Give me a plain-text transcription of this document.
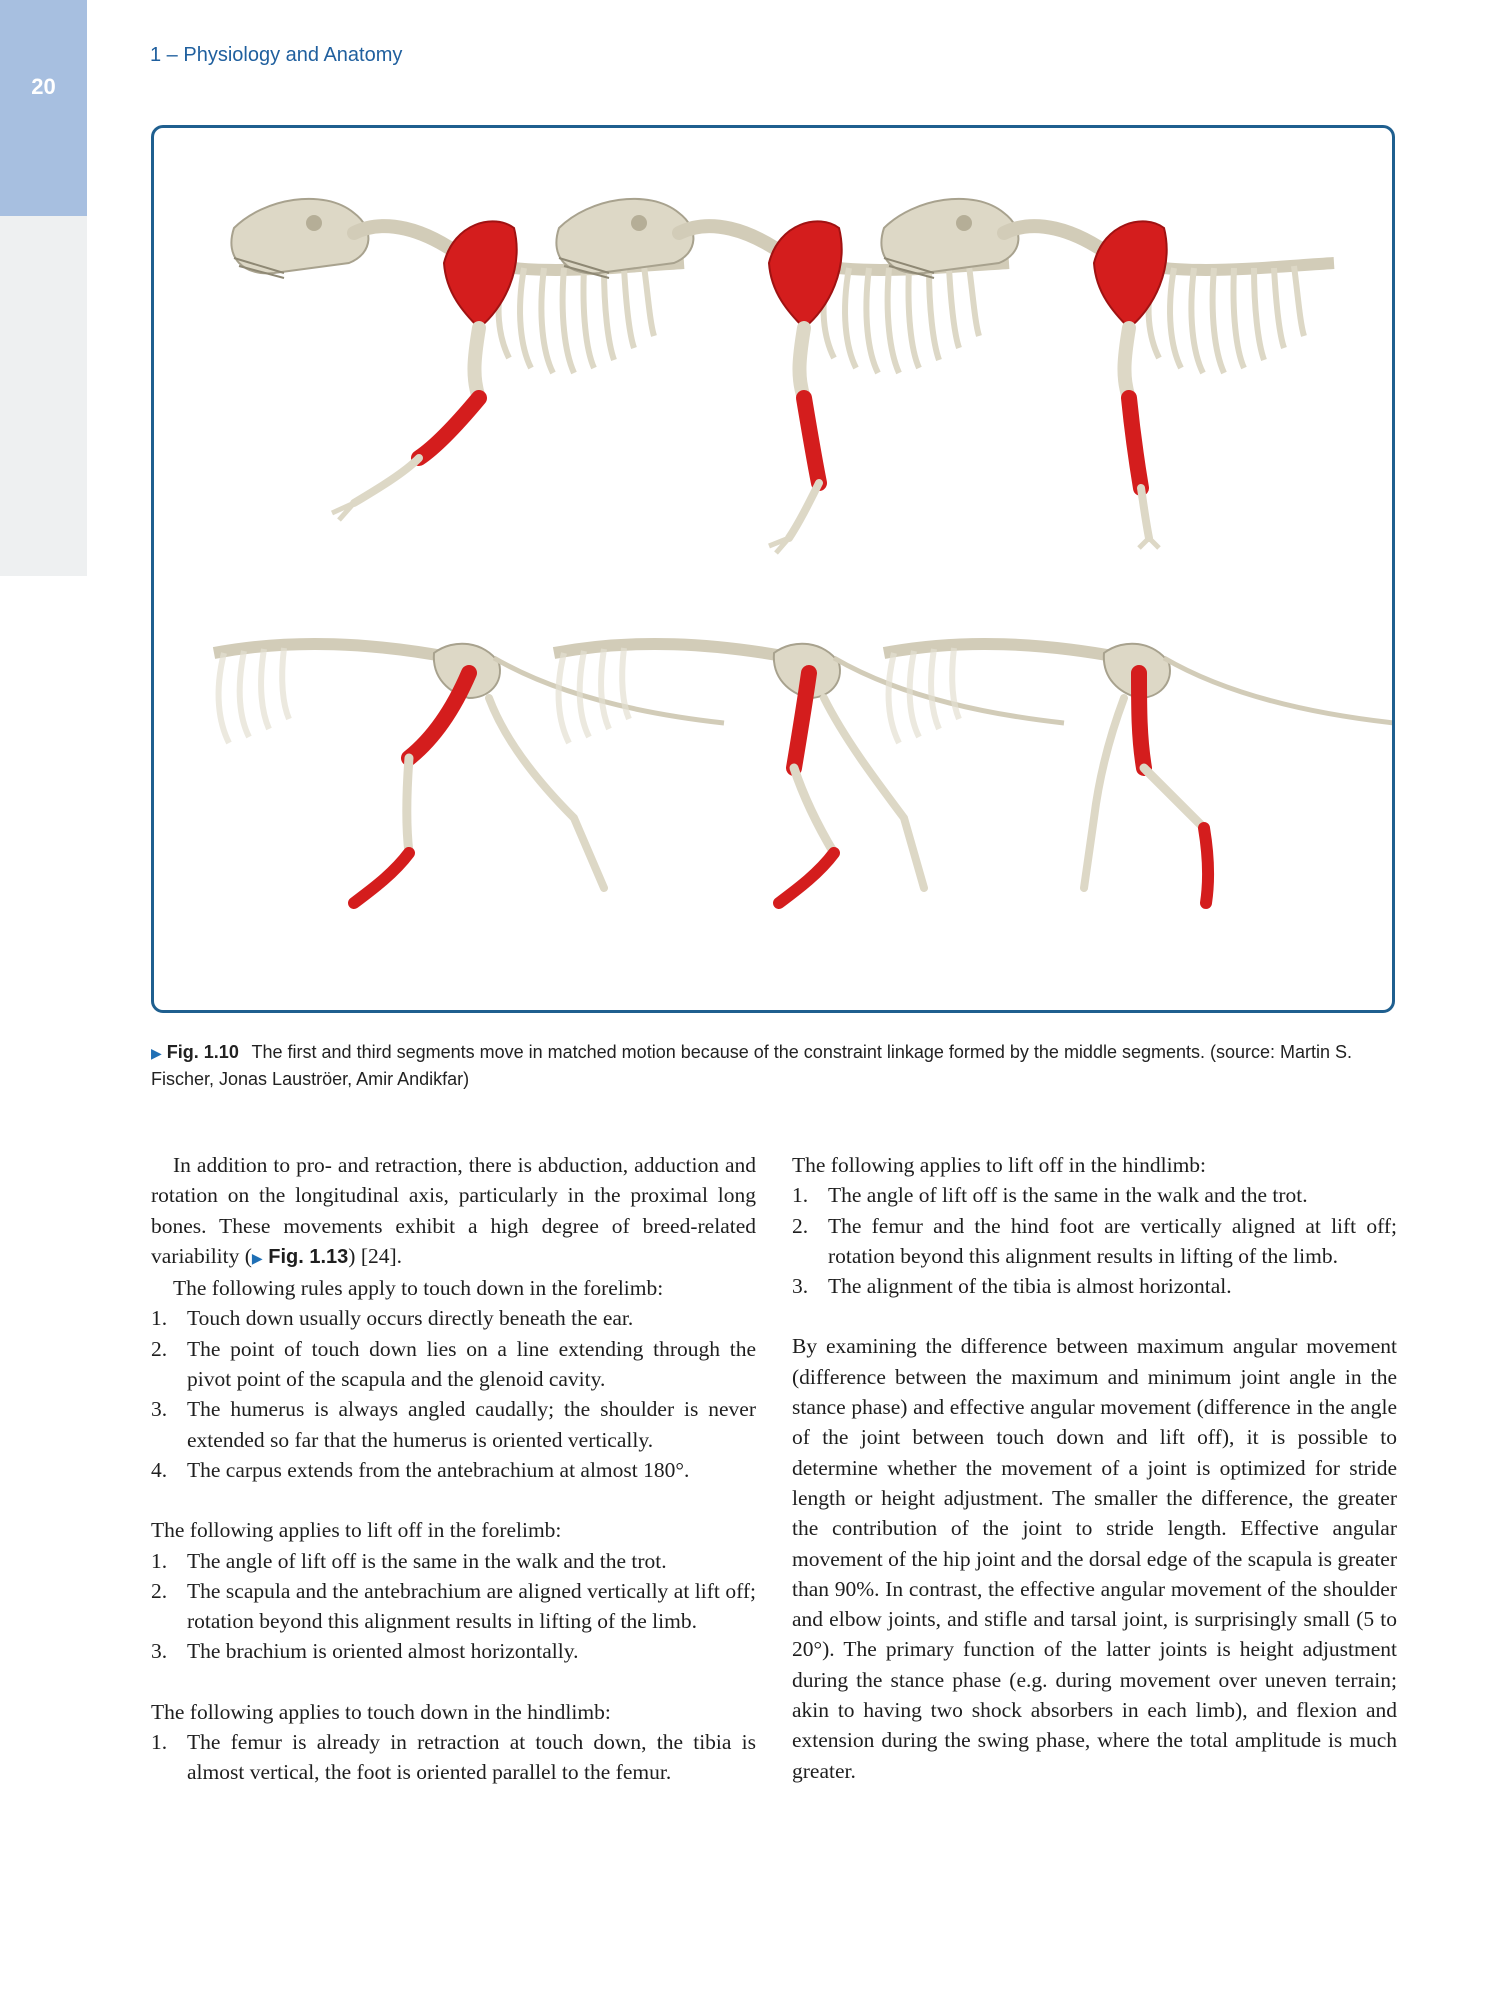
20
1 – Physiology and Anatomy
▶ Fig. 1.10 The first and third segments move in matched motion because of the constraint linkage formed by the middle segments. (source: Martin S. Fischer, Jonas Lauströer, Amir Andikfar)

In addition to pro- and retraction, there is abduction, adduction and rotation on the longitudinal axis, particularly in the proximal long bones. These movements exhibit a high degree of breed-related variability (▶ Fig. 1.13) [24].

The following rules apply to touch down in the forelimb:

1. Touch down usually occurs directly beneath the ear.
2. The point of touch down lies on a line extending through the pivot point of the scapula and the glenoid cavity.
3. The humerus is always angled caudally; the shoulder is never extended so far that the humerus is oriented vertically.
4. The carpus extends from the antebrachium at almost 180°.

The following applies to lift off in the forelimb:

1. The angle of lift off is the same in the walk and the trot.
2. The scapula and the antebrachium are aligned vertically at lift off; rotation beyond this alignment results in lifting of the limb.
3. The brachium is oriented almost horizontally.

The following applies to touch down in the hindlimb:

1. The femur is already in retraction at touch down, the tibia is almost vertical, the foot is oriented parallel to the femur.

The following applies to lift off in the hindlimb:

1. The angle of lift off is the same in the walk and the trot.
2. The femur and the hind foot are vertically aligned at lift off; rotation beyond this alignment results in lifting of the limb.
3. The alignment of the tibia is almost horizontal.

By examining the difference between maximum angular movement (difference between the maximum and minimum joint angle in the stance phase) and effective angular movement (difference in the angle of the joint between touch down and lift off), it is possible to determine whether the movement of a joint is optimized for stride length or height adjustment. The smaller the difference, the greater the contribution of the joint to stride length. Effective angular movement of the hip joint and the dorsal edge of the scapula is greater than 90%. In contrast, the effective angular movement of the shoulder and elbow joints, and stifle and tarsal joint, is surprisingly small (5 to 20°). The primary function of the latter joints is height adjustment during the stance phase (e.g. during movement over uneven terrain; akin to having two shock absorbers in each limb), and flexion and extension during the swing phase, where the total amplitude is much greater.
